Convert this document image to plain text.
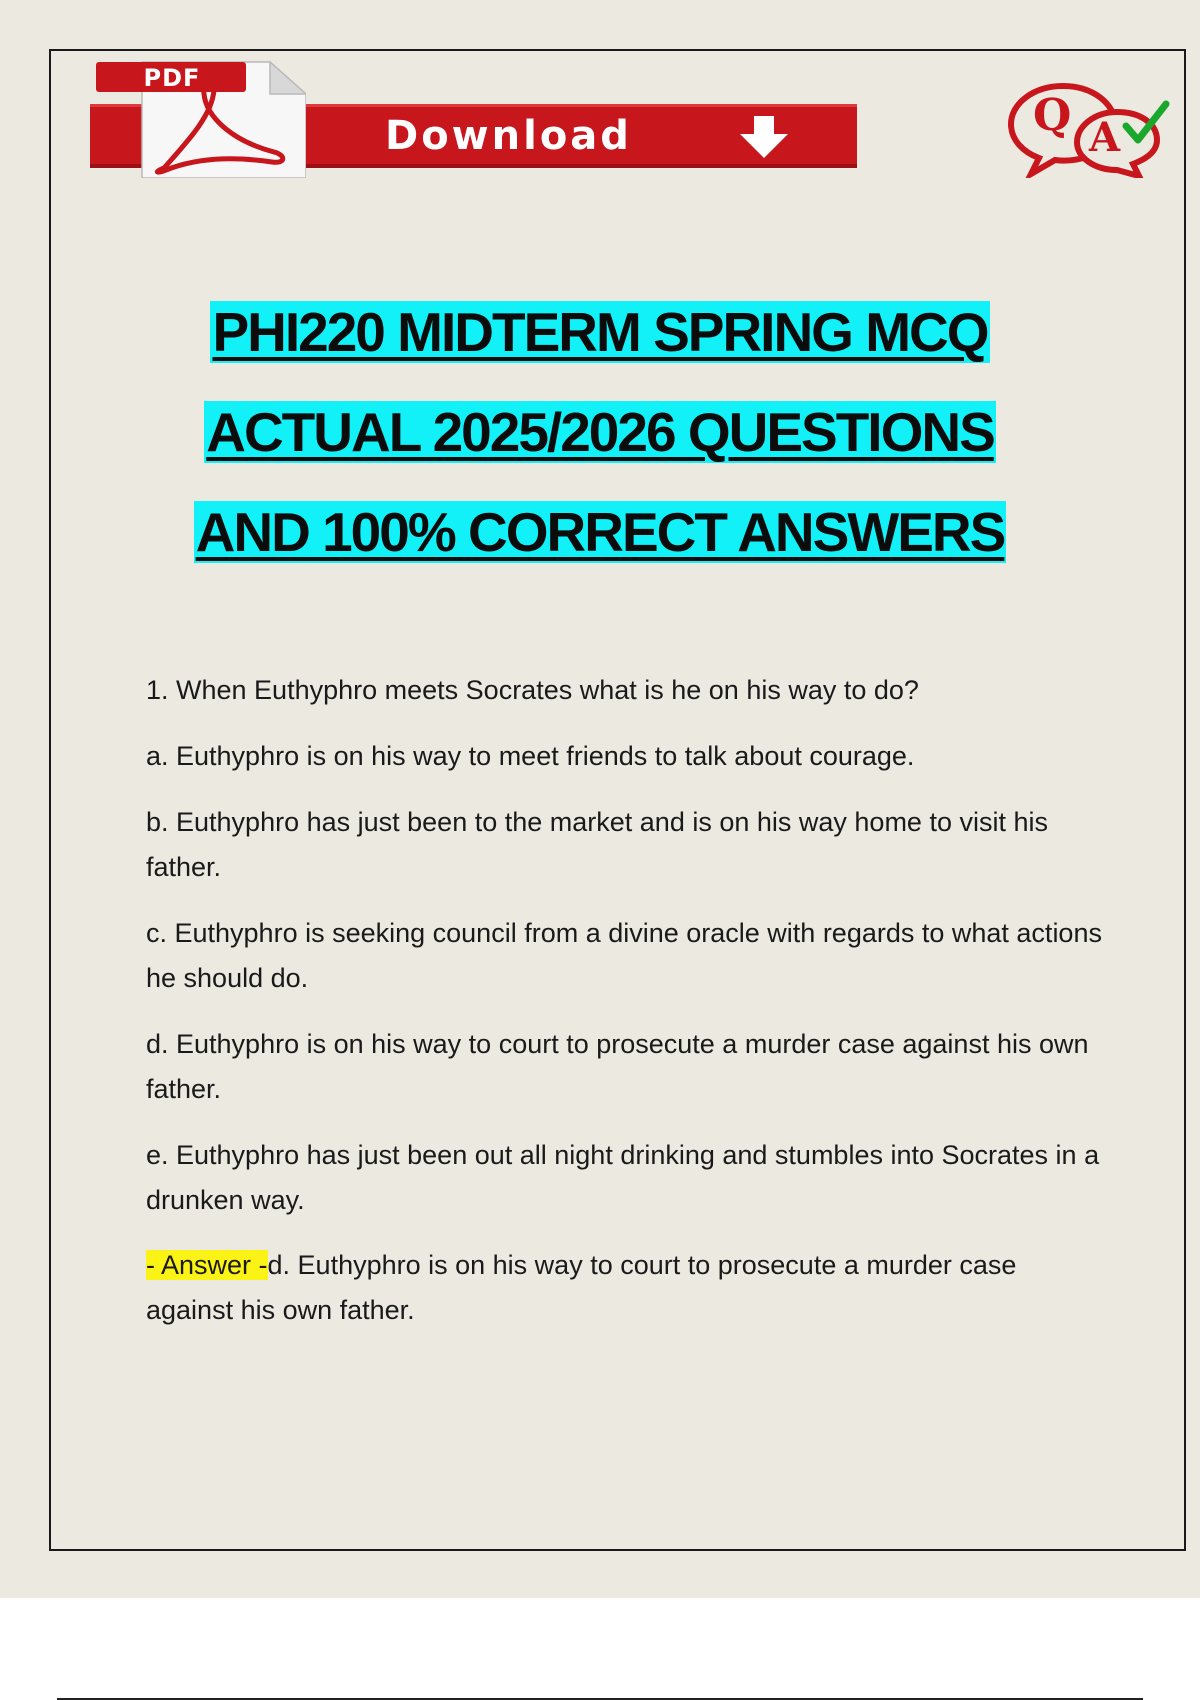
PDF
Download	Q A
PHI220 MIDTERM SPRING MCQ
ACTUAL 2025/2026 QUESTIONS
AND 100% CORRECT ANSWERS
1. When Euthyphro meets Socrates what is he on his way to do?
a. Euthyphro is on his way to meet friends to talk about courage.
b. Euthyphro has just been to the market and is on his way home to visit his father.
c. Euthyphro is seeking council from a divine oracle with regards to what actions he should do.
d. Euthyphro is on his way to court to prosecute a murder case against his own father.
e. Euthyphro has just been out all night drinking and stumbles into Socrates in a drunken way.
- Answer -d. Euthyphro is on his way to court to prosecute a murder case against his own father.
